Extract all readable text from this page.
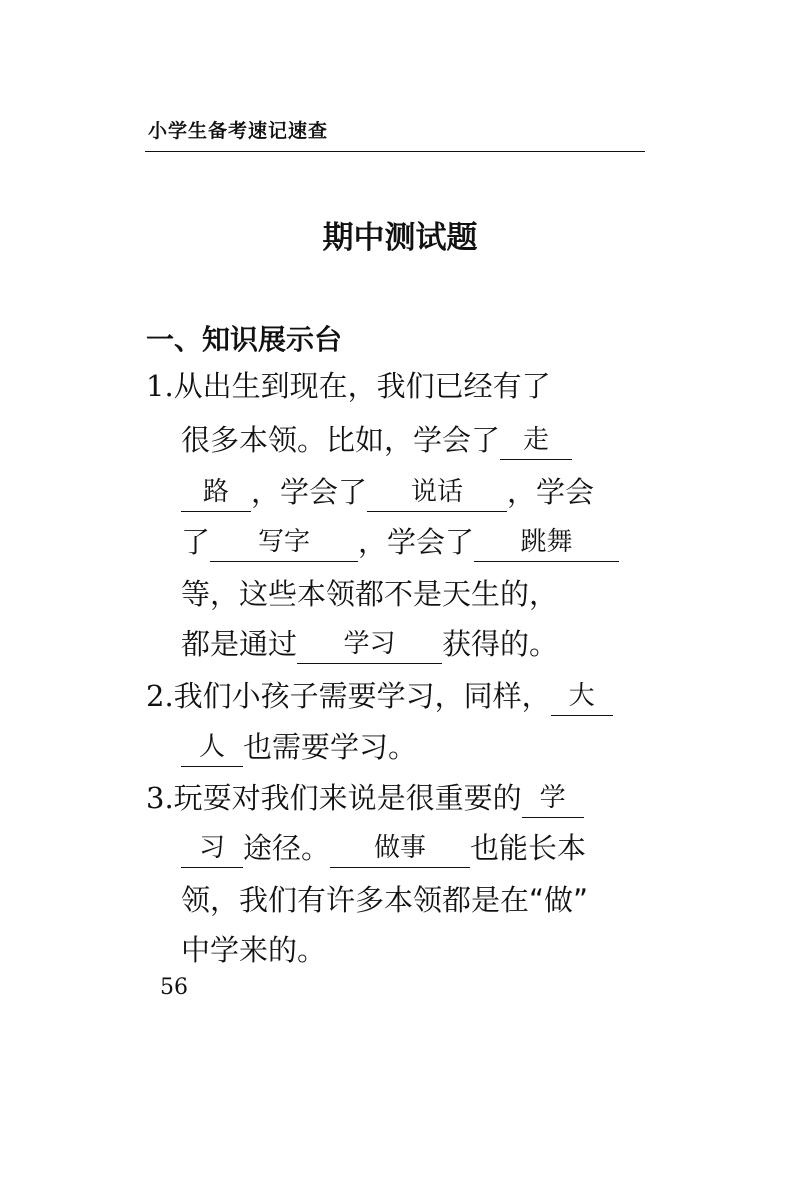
小学生备考速记速查
期中测试题
一、知识展示台
1.从出生到现在，我们已经有了
很多本领。比如，学会了 走
路 ，学会了 说话 ，学会
了 写字 ，学会了 跳舞
等，这些本领都不是天生的，
都是通过 学习 获得的。
2.我们小孩子需要学习，同样， 大
人 也需要学习。
3.玩耍对我们来说是很重要的 学
习 途径。 做事 也能长本
领，我们有许多本领都是在“做”
中学来的。
56
